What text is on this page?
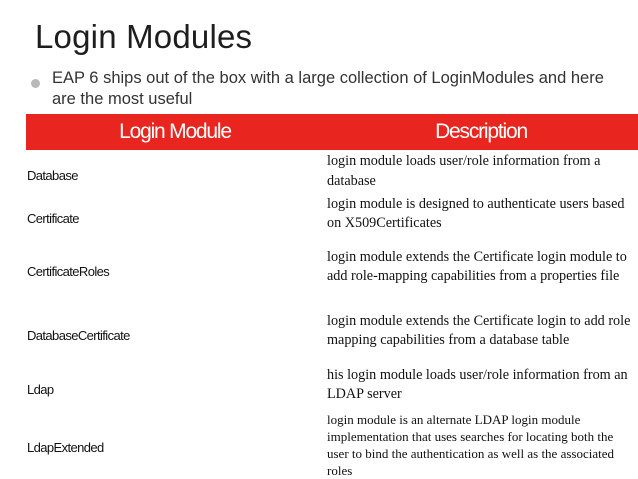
Login Modules
EAP 6 ships out of the box with a large collection of LoginModules and here are the most useful
Login Module	Description
Database	login module loads user/role information from a database
Certificate	login module is designed to authenticate users based on X509Certificates
CertificateRoles	login module extends the Certificate login module to add role-mapping capabilities from a properties file
DatabaseCertificate	login module extends the Certificate login to add role mapping capabilities from a database table
Ldap	his login module loads user/role information from an LDAP server
LdapExtended	login module is an alternate LDAP login module implementation that uses searches for locating both the user to bind the authentication as well as the associated roles
